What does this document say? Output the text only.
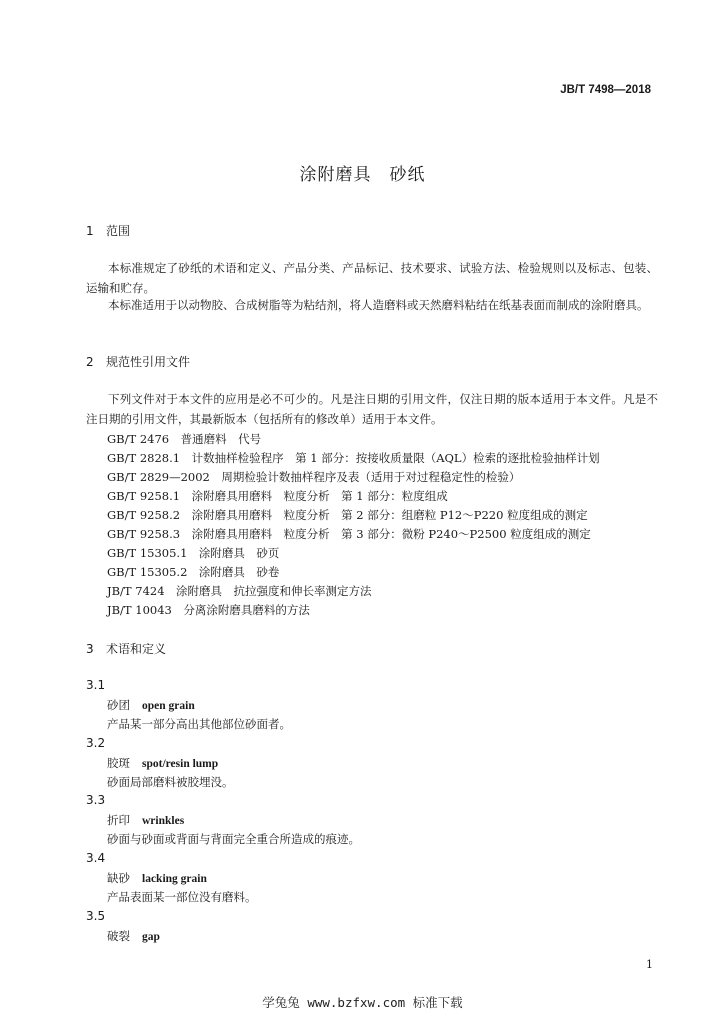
JB/T 7498—2018
涂附磨具　砂纸
1 范围
本标准规定了砂纸的术语和定义、产品分类、产品标记、技术要求、试验方法、检验规则以及标志、包装、运输和贮存。
本标准适用于以动物胶、合成树脂等为粘结剂，将人造磨料或天然磨料粘结在纸基表面而制成的涂附磨具。
2 规范性引用文件
下列文件对于本文件的应用是必不可少的。凡是注日期的引用文件，仅注日期的版本适用于本文件。凡是不注日期的引用文件，其最新版本（包括所有的修改单）适用于本文件。
GB/T 2476　普通磨料　代号
GB/T 2828.1　计数抽样检验程序　第 1 部分：按接收质量限（AQL）检索的逐批检验抽样计划
GB/T 2829—2002　周期检验计数抽样程序及表（适用于对过程稳定性的检验）
GB/T 9258.1　涂附磨具用磨料　粒度分析　第 1 部分：粒度组成
GB/T 9258.2　涂附磨具用磨料　粒度分析　第 2 部分：组磨粒 P12～P220 粒度组成的测定
GB/T 9258.3　涂附磨具用磨料　粒度分析　第 3 部分：微粉 P240～P2500 粒度组成的测定
GB/T 15305.1　涂附磨具　砂页
GB/T 15305.2　涂附磨具　砂卷
JB/T 7424　涂附磨具　抗拉强度和伸长率测定方法
JB/T 10043　分离涂附磨具磨料的方法
3 术语和定义
3.1
砂团 open grain
产品某一部分高出其他部位砂面者。
3.2
胶斑 spot/resin lump
砂面局部磨料被胶埋没。
3.3
折印 wrinkles
砂面与砂面或背面与背面完全重合所造成的痕迹。
3.4
缺砂 lacking grain
产品表面某一部位没有磨料。
3.5
破裂 gap
1
学兔兔 www.bzfxw.com 标准下载
